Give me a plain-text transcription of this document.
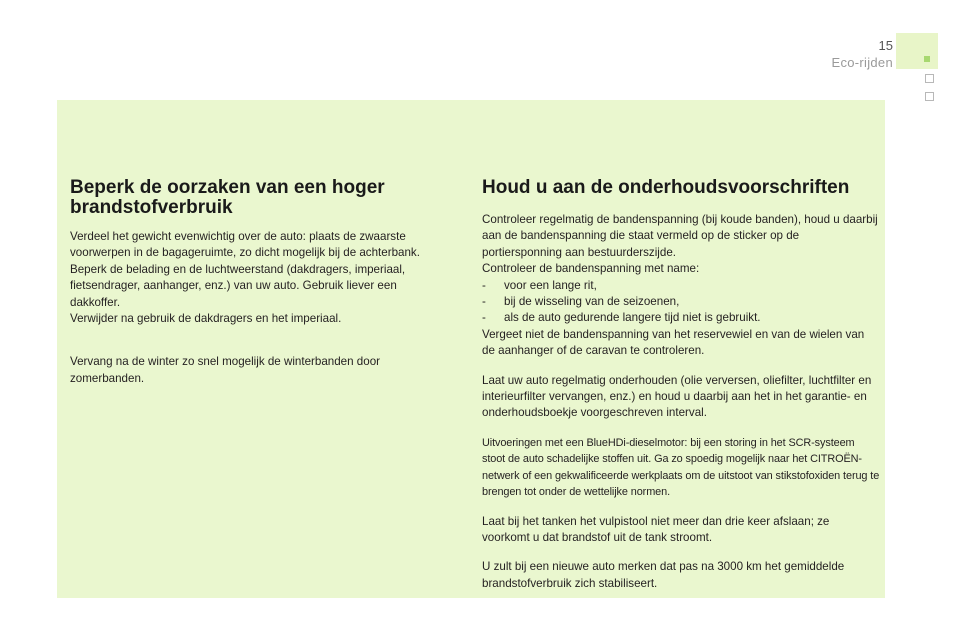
15
Eco-rijden
Beperk de oorzaken van een hoger brandstofverbruik

Verdeel het gewicht evenwichtig over de auto: plaats de zwaarste voorwerpen in de bagageruimte, zo dicht mogelijk bij de achterbank. Beperk de belading en de luchtweerstand (dakdragers, imperiaal, fietsendrager, aanhanger, enz.) van uw auto. Gebruik liever een dakkoffer.

Verwijder na gebruik de dakdragers en het imperiaal.

Vervang na de winter zo snel mogelijk de winterbanden door zomerbanden.

Houd u aan de onderhoudsvoorschriften

Controleer regelmatig de bandenspanning (bij koude banden), houd u daarbij aan de bandenspanning die staat vermeld op de sticker op de portiersponning aan bestuurderszijde.

Controleer de bandenspanning met name:

-	voor een lange rit,

-	bij de wisseling van de seizoenen,

-	als de auto gedurende langere tijd niet is gebruikt.

Vergeet niet de bandenspanning van het reservewiel en van de wielen van de aanhanger of de caravan te controleren.

Laat uw auto regelmatig onderhouden (olie verversen, oliefilter, luchtfilter en interieurfilter vervangen, enz.) en houd u daarbij aan het in het garantie- en onderhoudsboekje voorgeschreven interval.

Uitvoeringen met een BlueHDi-dieselmotor: bij een storing in het SCR-systeem stoot de auto schadelijke stoffen uit. Ga zo spoedig mogelijk naar het CITROËN-netwerk of een gekwalificeerde werkplaats om de uitstoot van stikstofoxiden terug te brengen tot onder de wettelijke normen.

Laat bij het tanken het vulpistool niet meer dan drie keer afslaan; ze voorkomt u dat brandstof uit de tank stroomt.

U zult bij een nieuwe auto merken dat pas na 3000 km het gemiddelde brandstofverbruik zich stabiliseert.
